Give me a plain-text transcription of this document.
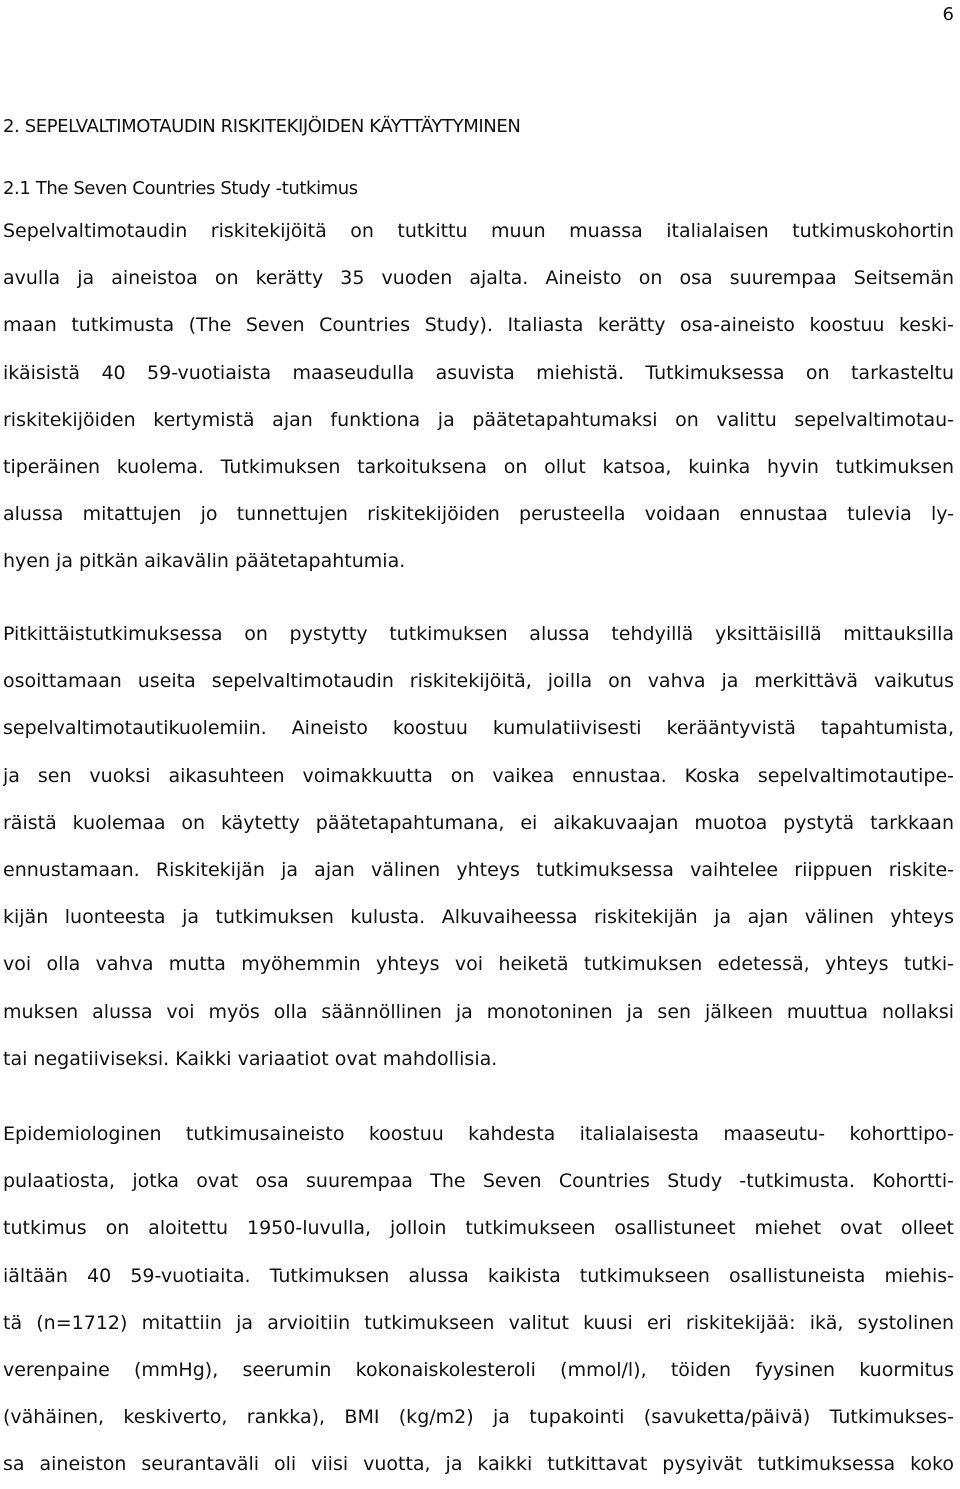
6
2. SEPELVALTIMOTAUDIN RISKITEKIJÖIDEN KÄYTTÄYTYMINEN
2.1 The Seven Countries Study -tutkimus
Sepelvaltimotaudin riskitekijöitä on tutkittu muun muassa italialaisen tutkimuskohortin
avulla ja aineistoa on kerätty 35 vuoden ajalta. Aineisto on osa suurempaa Seitsemän
maan tutkimusta (The Seven Countries Study). Italiasta kerätty osa-aineisto koostuu keski-
ikäisistä 40 59-vuotiaista maaseudulla asuvista miehistä. Tutkimuksessa on tarkasteltu
riskitekijöiden kertymistä ajan funktiona ja päätetapahtumaksi on valittu sepelvaltimotau-
tiperäinen kuolema. Tutkimuksen tarkoituksena on ollut katsoa, kuinka hyvin tutkimuksen
alussa mitattujen jo tunnettujen riskitekijöiden perusteella voidaan ennustaa tulevia ly-
hyen ja pitkän aikavälin päätetapahtumia.
Pitkittäistutkimuksessa on pystytty tutkimuksen alussa tehdyillä yksittäisillä mittauksilla
osoittamaan useita sepelvaltimotaudin riskitekijöitä, joilla on vahva ja merkittävä vaikutus
sepelvaltimotautikuolemiin. Aineisto koostuu kumulatiivisesti kerääntyvistä tapahtumista,
ja sen vuoksi aikasuhteen voimakkuutta on vaikea ennustaa. Koska sepelvaltimotautipe-
räistä kuolemaa on käytetty päätetapahtumana, ei aikakuvaajan muotoa pystytä tarkkaan
ennustamaan. Riskitekijän ja ajan välinen yhteys tutkimuksessa vaihtelee riippuen riskite-
kijän luonteesta ja tutkimuksen kulusta. Alkuvaiheessa riskitekijän ja ajan välinen yhteys
voi olla vahva mutta myöhemmin yhteys voi heiketä tutkimuksen edetessä, yhteys tutki-
muksen alussa voi myös olla säännöllinen ja monotoninen ja sen jälkeen muuttua nollaksi
tai negatiiviseksi. Kaikki variaatiot ovat mahdollisia.
Epidemiologinen tutkimusaineisto koostuu kahdesta italialaisesta maaseutu- kohorttipo-
pulaatiosta, jotka ovat osa suurempaa The Seven Countries Study -tutkimusta. Kohortti-
tutkimus on aloitettu 1950-luvulla, jolloin tutkimukseen osallistuneet miehet ovat olleet
iältään 40 59-vuotiaita. Tutkimuksen alussa kaikista tutkimukseen osallistuneista miehis-
tä (n=1712) mitattiin ja arvioitiin tutkimukseen valitut kuusi eri riskitekijää: ikä, systolinen
verenpaine (mmHg), seerumin kokonaiskolesteroli (mmol/l), töiden fyysinen kuormitus
(vähäinen, keskiverto, rankka), BMI (kg/m2) ja tupakointi (savuketta/päivä) Tutkimukses-
sa aineiston seurantaväli oli viisi vuotta, ja kaikki tutkittavat pysyivät tutkimuksessa koko
